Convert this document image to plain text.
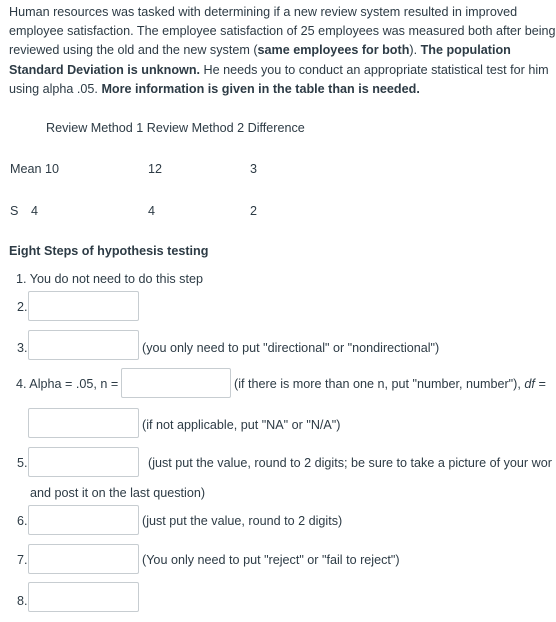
Human resources was tasked with determining if a new review system resulted in improved employee satisfaction. The employee satisfaction of 25 employees was measured both after being reviewed using the old and the new system (same employees for both). The population Standard Deviation is unknown. He needs you to conduct an appropriate statistical test for him using alpha .05. More information is given in the table than is needed.
Review Method 1 Review Method 2 Difference
Mean 10	12	3
S 4	4	2
Eight Steps of hypothesis testing
1. You do not need to do this step
2.
3.	(you only need to put "directional" or "nondirectional")
4. Alpha = .05, n =	(if there is more than one n, put "number, number"), df =
(if not applicable, put "NA" or "N/A")
5.	(just put the value, round to 2 digits; be sure to take a picture of your wor
and post it on the last question)
6.	(just put the value, round to 2 digits)
7.	(You only need to put "reject" or "fail to reject")
8.
